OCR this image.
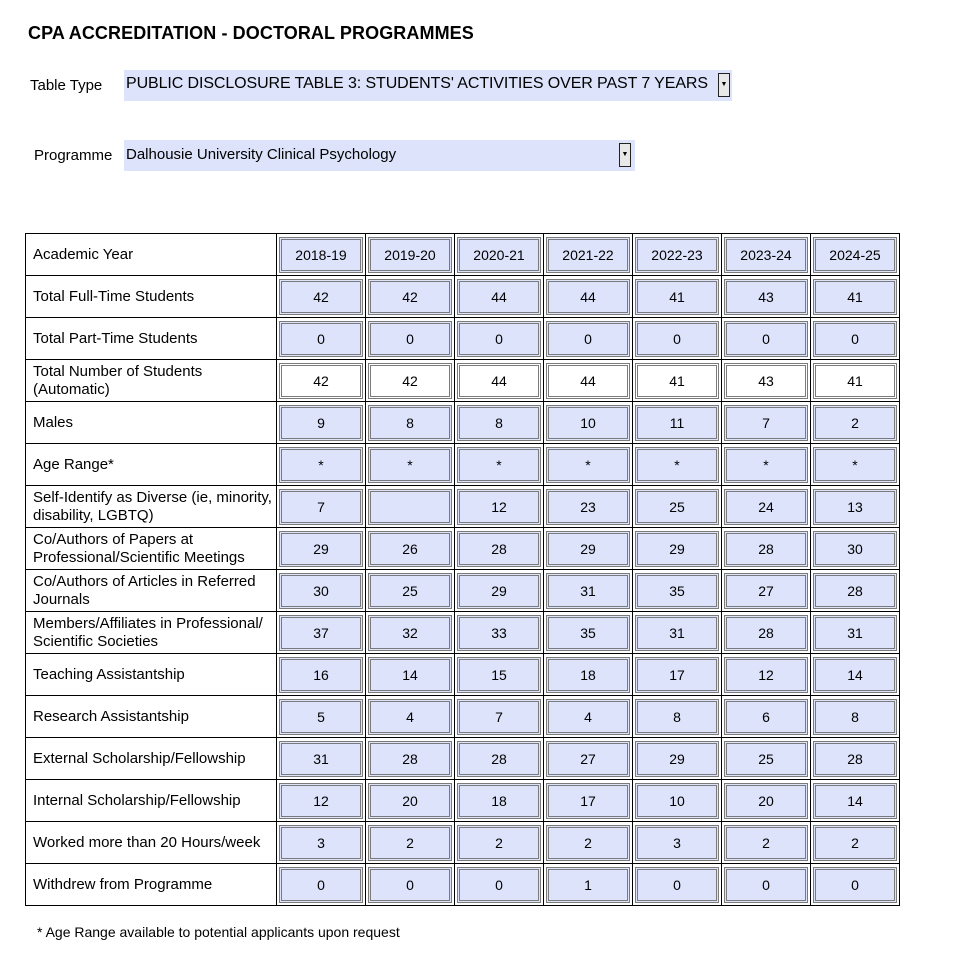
CPA ACCREDITATION - DOCTORAL PROGRAMMES
Table Type PUBLIC DISCLOSURE TABLE 3: STUDENTS' ACTIVITIES OVER PAST 7 YEARS	▼
Programme Dalhousie University Clinical Psychology	▼
Academic Year	2018-19	2019-20	2020-21	2021-22	2022-23	2023-24	2024-25

Total Full-Time Students	42	42	44	44	41	43	41

Total Part-Time Students	0	0	0	0	0	0	0

Total Number of Students (Automatic)	42	42	44	44	41	43	41

Males	9	8	8	10	11	7	2

Age Range*	*	*	*	*	*	*	*

Self-Identify as Diverse (ie, minority, disability, LGBTQ)	7		12	23	25	24	13

Co/Authors of Papers at Professional/Scientific Meetings	29	26	28	29	29	28	30

Co/Authors of Articles in Referred Journals	30	25	29	31	35	27	28

Members/Affiliates in Professional/ Scientific Societies	37	32	33	35	31	28	31

Teaching Assistantship	16	14	15	18	17	12	14

Research Assistantship	5	4	7	4	8	6	8

External Scholarship/Fellowship	31	28	28	27	29	25	28

Internal Scholarship/Fellowship	12	20	18	17	10	20	14

Worked more than 20 Hours/week	3	2	2	2	3	2	2

Withdrew from Programme	0	0	0	1	0	0	0
* Age Range available to potential applicants upon request
